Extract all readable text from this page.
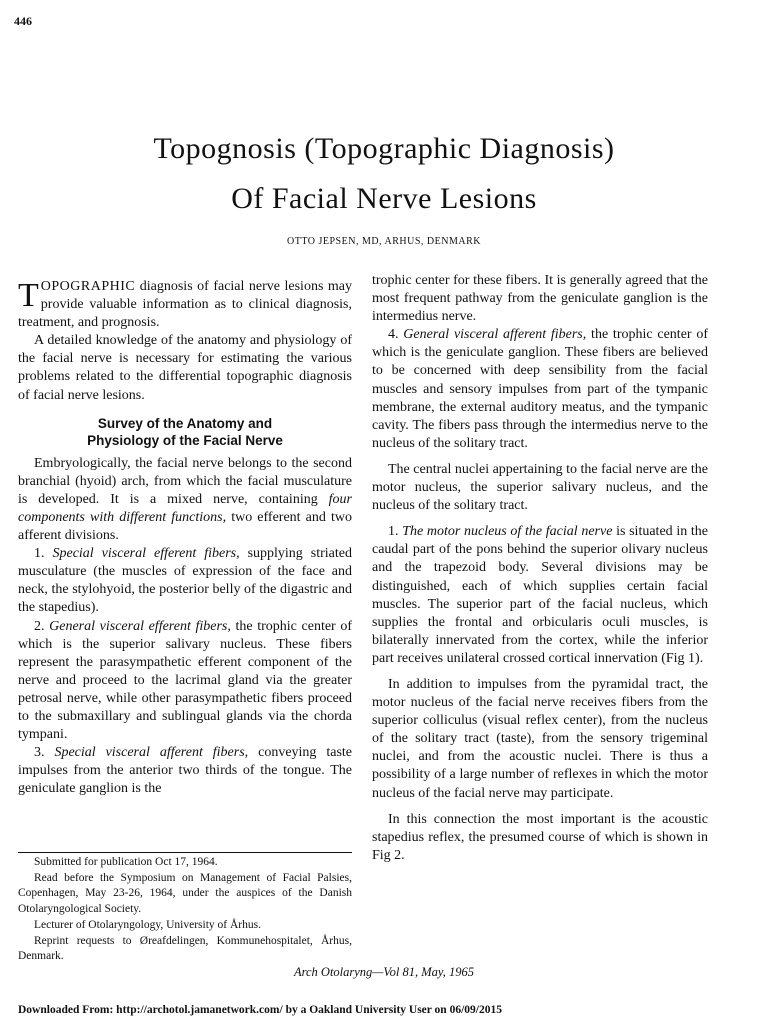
446
Topognosis (Topographic Diagnosis)
Of Facial Nerve Lesions
OTTO JEPSEN, MD, ARHUS, DENMARK

TOPOGRAPHIC diagnosis of facial nerve lesions may provide valuable information as to clinical diagnosis, treatment, and prognosis.

A detailed knowledge of the anatomy and physiology of the facial nerve is necessary for estimating the various problems related to the differential topographic diagnosis of facial nerve lesions.

Survey of the Anatomy and
Physiology of the Facial Nerve

Embryologically, the facial nerve belongs to the second branchial (hyoid) arch, from which the facial musculature is developed. It is a mixed nerve, containing four components with different functions, two efferent and two afferent divisions.

1. Special visceral efferent fibers, supplying striated musculature (the muscles of expression of the face and neck, the stylohyoid, the posterior belly of the digastric and the stapedius).

2. General visceral efferent fibers, the trophic center of which is the superior salivary nucleus. These fibers represent the parasympathetic efferent component of the nerve and proceed to the lacrimal gland via the greater petrosal nerve, while other parasympathetic fibers proceed to the submaxillary and sublingual glands via the chorda tympani.

3. Special visceral afferent fibers, conveying taste impulses from the anterior two thirds of the tongue. The geniculate ganglion is the

Submitted for publication Oct 17, 1964.

Read before the Symposium on Management of Facial Palsies, Copenhagen, May 23-26, 1964, under the auspices of the Danish Otolaryngological Society.

Lecturer of Otolaryngology, University of Århus.

Reprint requests to Øreafdelingen, Kommunehospitalet, Århus, Denmark.

trophic center for these fibers. It is generally agreed that the most frequent pathway from the geniculate ganglion is the intermedius nerve.

4. General visceral afferent fibers, the trophic center of which is the geniculate ganglion. These fibers are believed to be concerned with deep sensibility from the facial muscles and sensory impulses from part of the tympanic membrane, the external auditory meatus, and the tympanic cavity. The fibers pass through the intermedius nerve to the nucleus of the solitary tract.

The central nuclei appertaining to the facial nerve are the motor nucleus, the superior salivary nucleus, and the nucleus of the solitary tract.

1. The motor nucleus of the facial nerve is situated in the caudal part of the pons behind the superior olivary nucleus and the trapezoid body. Several divisions may be distinguished, each of which supplies certain facial muscles. The superior part of the facial nucleus, which supplies the frontal and orbicularis oculi muscles, is bilaterally innervated from the cortex, while the inferior part receives unilateral crossed cortical innervation (Fig 1).

In addition to impulses from the pyramidal tract, the motor nucleus of the facial nerve receives fibers from the superior colliculus (visual reflex center), from the nucleus of the solitary tract (taste), from the sensory trigeminal nuclei, and from the acoustic nuclei. There is thus a possibility of a large number of reflexes in which the motor nucleus of the facial nerve may participate.

In this connection the most important is the acoustic stapedius reflex, the presumed course of which is shown in Fig 2.

Arch Otolaryng—Vol 81, May, 1965
Downloaded From: http://archotol.jamanetwork.com/ by a Oakland University User on 06/09/2015
